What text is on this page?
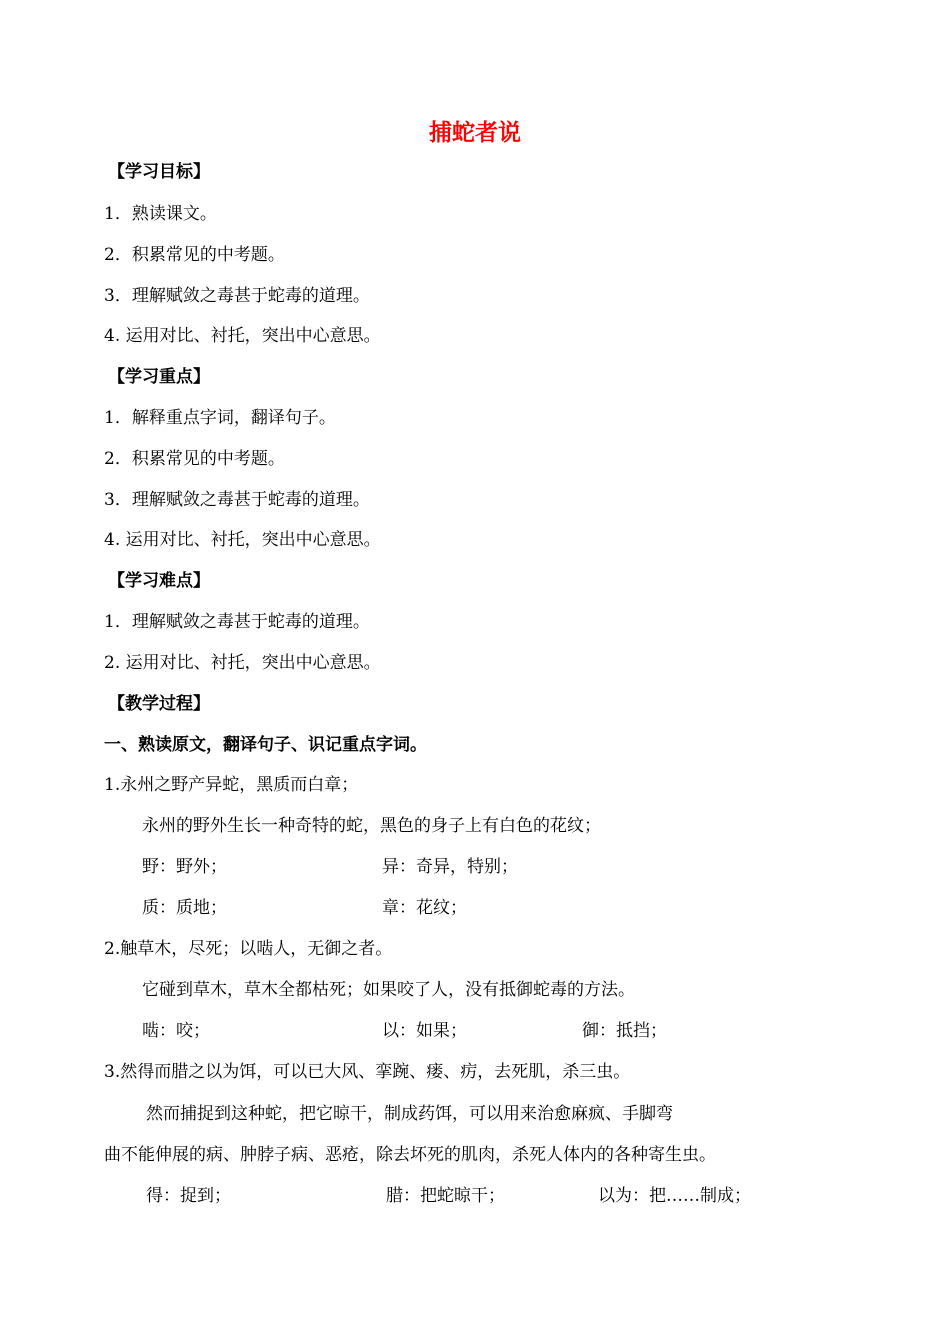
捕蛇者说
【学习目标】
1．熟读课文。
2．积累常见的中考题。
3．理解赋敛之毒甚于蛇毒的道理。
4. 运用对比、衬托，突出中心意思。
【学习重点】
1．解释重点字词，翻译句子。
2．积累常见的中考题。
3．理解赋敛之毒甚于蛇毒的道理。
4. 运用对比、衬托，突出中心意思。
【学习难点】
1．理解赋敛之毒甚于蛇毒的道理。
2. 运用对比、衬托，突出中心意思。
【教学过程】
一、熟读原文，翻译句子、识记重点字词。
1.永州之野产异蛇，黑质而白章；
永州的野外生长一种奇特的蛇，黑色的身子上有白色的花纹；
野：野外；	异：奇异，特别；
质：质地；	章：花纹；
2.触草木，尽死；以啮人，无御之者。
它碰到草木，草木全都枯死；如果咬了人，没有抵御蛇毒的方法。
啮：咬；	以：如果；	御：抵挡；
3.然得而腊之以为饵，可以已大风、挛踠、瘘、疠，去死肌，杀三虫。
然而捕捉到这种蛇，把它晾干，制成药饵，可以用来治愈麻疯、手脚弯
曲不能伸展的病、肿脖子病、恶疮，除去坏死的肌肉，杀死人体内的各种寄生虫。
得：捉到；	腊：把蛇晾干；	以为：把……制成；
